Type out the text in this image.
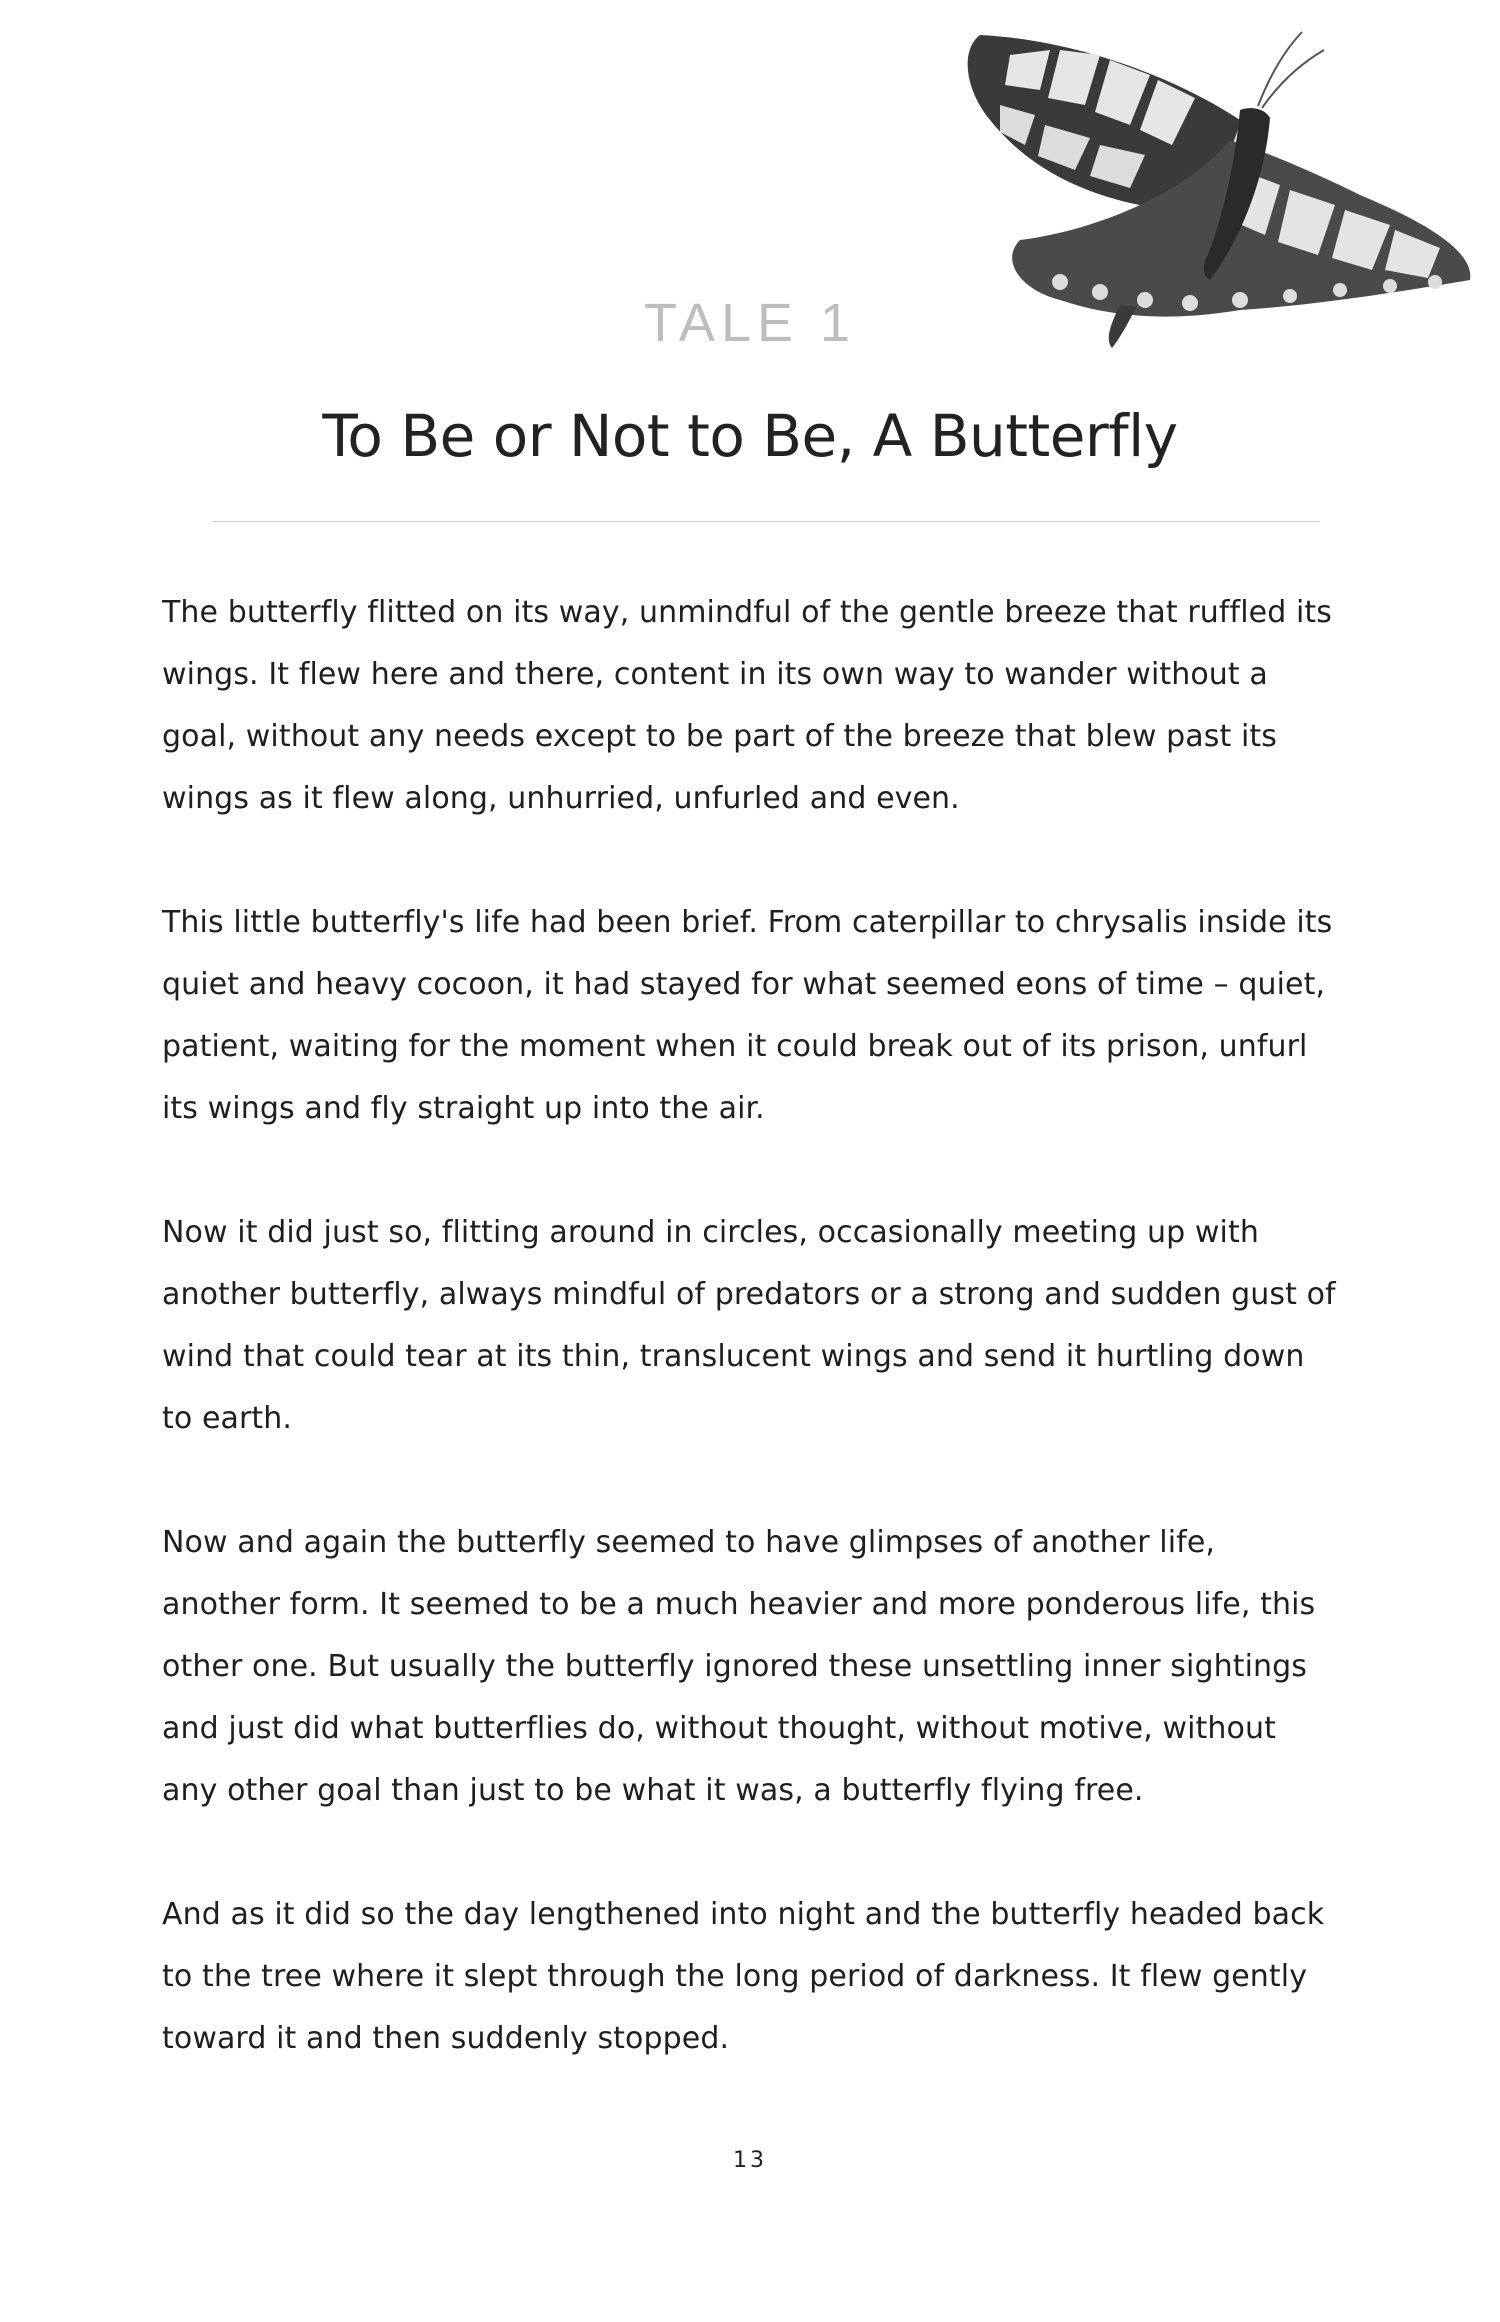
TALE 1
To Be or Not to Be, A Butterfly

The butterfly flitted on its way, unmindful of the gentle breeze that ruffled its wings. It flew here and there, content in its own way to wander without a goal, without any needs except to be part of the breeze that blew past its wings as it flew along, unhurried, unfurled and even.

This little butterfly's life had been brief. From caterpillar to chrysalis inside its quiet and heavy cocoon, it had stayed for what seemed eons of time – quiet, patient, waiting for the moment when it could break out of its prison, unfurl its wings and fly straight up into the air.

Now it did just so, flitting around in circles, occasionally meeting up with another butterfly, always mindful of predators or a strong and sudden gust of wind that could tear at its thin, translucent wings and send it hurtling down to earth.

Now and again the butterfly seemed to have glimpses of another life, another form. It seemed to be a much heavier and more ponderous life, this other one. But usually the butterfly ignored these unsettling inner sightings and just did what butterflies do, without thought, without motive, without any other goal than just to be what it was, a butterfly flying free.

And as it did so the day lengthened into night and the butterfly headed back to the tree where it slept through the long period of darkness. It flew gently toward it and then suddenly stopped.

13
